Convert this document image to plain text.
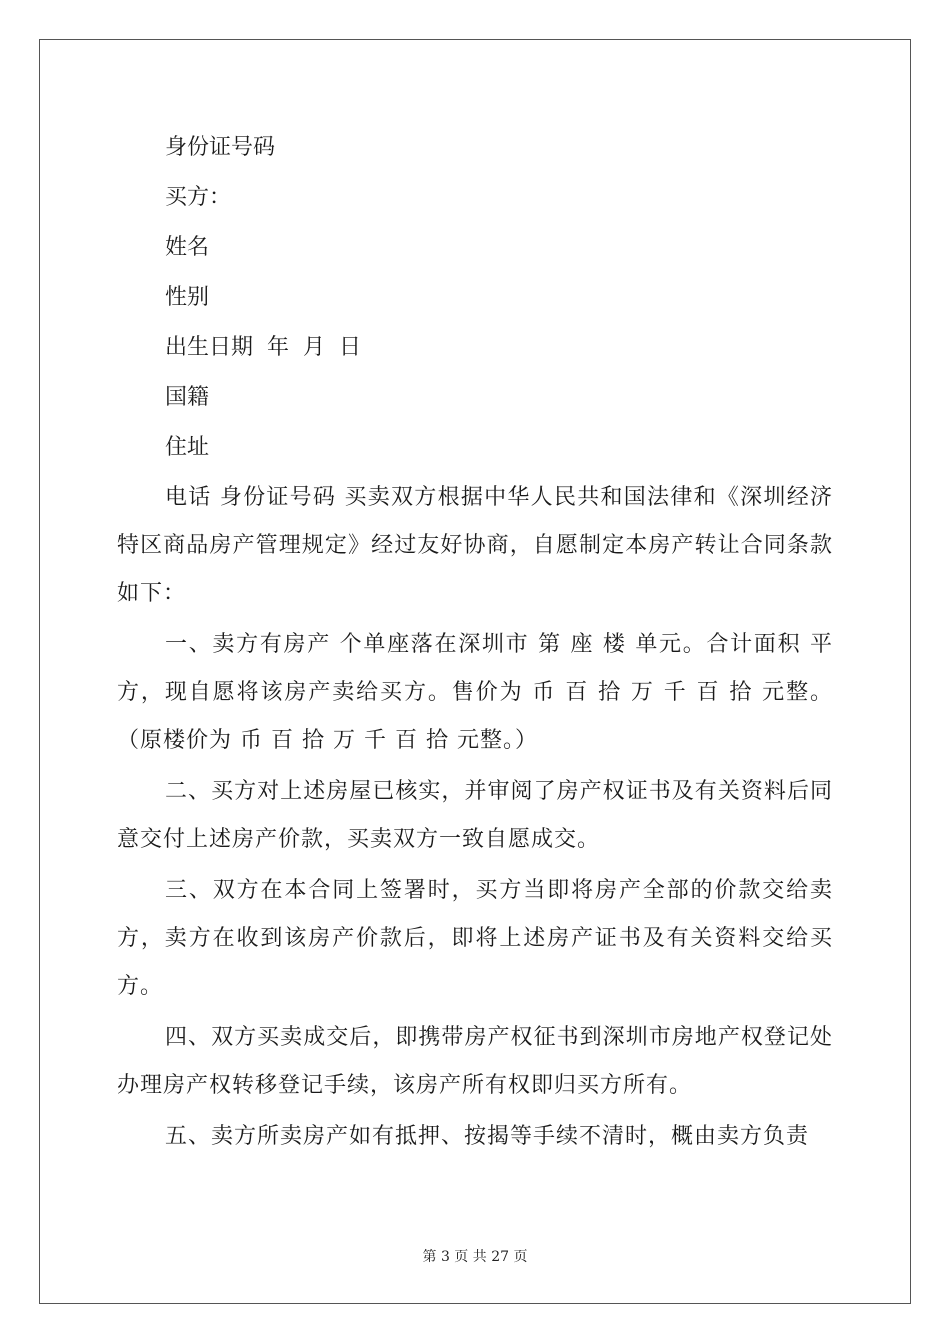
身份证号码

买方：

姓名

性别

出生日期  年  月  日

国籍

住址

电话 身份证号码 买卖双方根据中华人民共和国法律和《深圳经济特区商品房产管理规定》经过友好协商，自愿制定本房产转让合同条款如下：

一、卖方有房产 个单座落在深圳市 第 座 楼 单元。合计面积 平方，现自愿将该房产卖给买方。售价为 币 百 拾 万 千 百 拾 元整。（原楼价为 币 百 拾 万 千 百 拾 元整。）

二、买方对上述房屋已核实，并审阅了房产权证书及有关资料后同意交付上述房产价款，买卖双方一致自愿成交。

三、双方在本合同上签署时，买方当即将房产全部的价款交给卖方，卖方在收到该房产价款后，即将上述房产证书及有关资料交给买方。

四、双方买卖成交后，即携带房产权征书到深圳市房地产权登记处办理房产权转移登记手续，该房产所有权即归买方所有。

五、卖方所卖房产如有抵押、按揭等手续不清时，概由卖方负责

第 3 页 共 27 页
